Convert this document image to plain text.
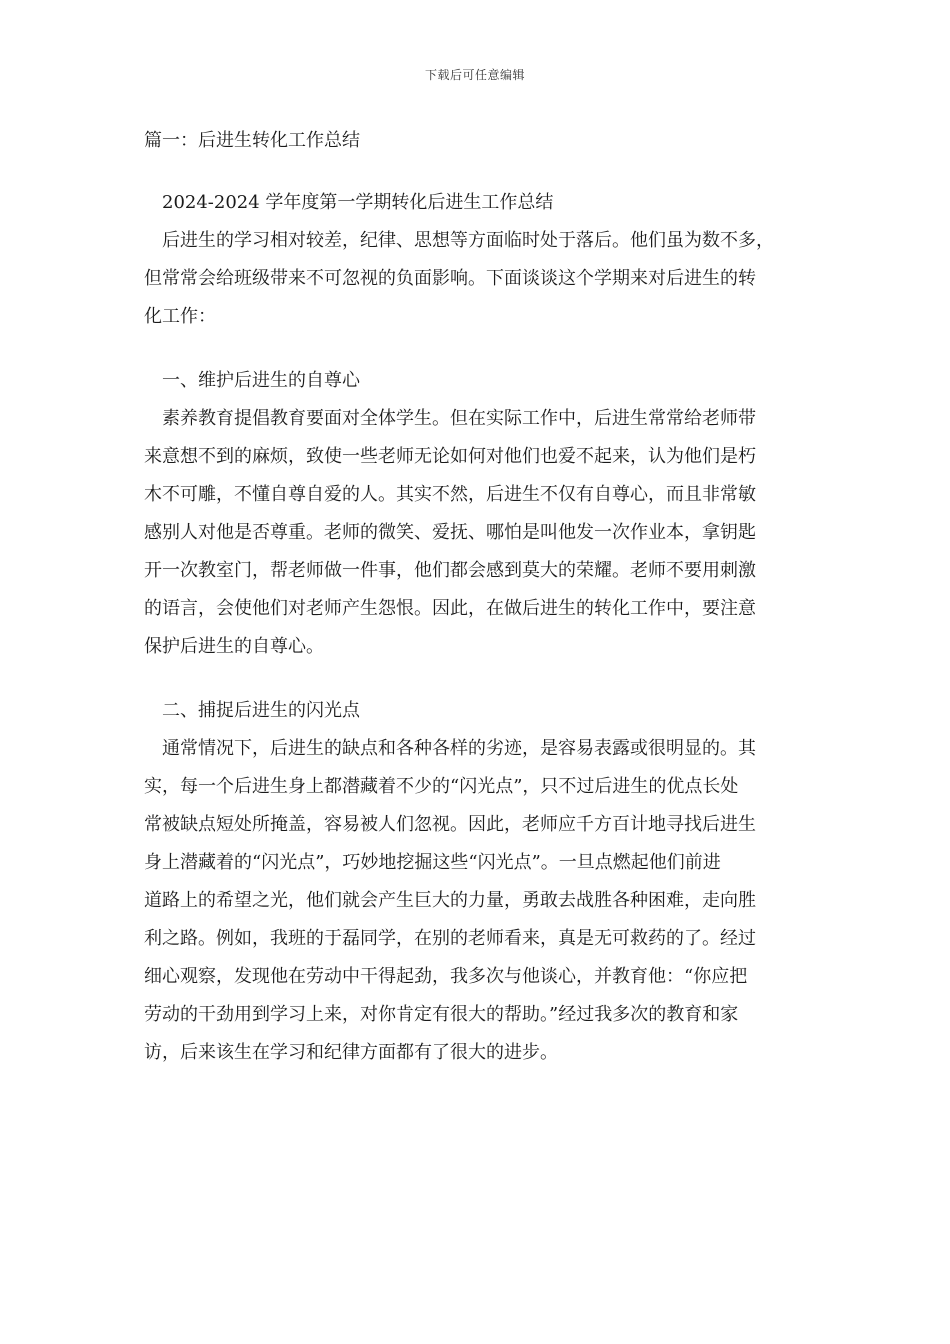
下载后可任意编辑

篇一：后进生转化工作总结

2024-2024 学年度第一学期转化后进生工作总结

后进生的学习相对较差，纪律、思想等方面临时处于落后。他们虽为数不多，
但常常会给班级带来不可忽视的负面影响。下面谈谈这个学期来对后进生的转
化工作：

一、维护后进生的自尊心

素养教育提倡教育要面对全体学生。但在实际工作中，后进生常常给老师带
来意想不到的麻烦，致使一些老师无论如何对他们也爱不起来，认为他们是朽
木不可雕，不懂自尊自爱的人。其实不然，后进生不仅有自尊心，而且非常敏
感别人对他是否尊重。老师的微笑、爱抚、哪怕是叫他发一次作业本，拿钥匙
开一次教室门，帮老师做一件事，他们都会感到莫大的荣耀。老师不要用刺激
的语言，会使他们对老师产生怨恨。因此，在做后进生的转化工作中，要注意
保护后进生的自尊心。

二、捕捉后进生的闪光点

通常情况下，后进生的缺点和各种各样的劣迹，是容易表露或很明显的。其
实，每一个后进生身上都潜藏着不少的“闪光点”，只不过后进生的优点长处
常被缺点短处所掩盖，容易被人们忽视。因此，老师应千方百计地寻找后进生
身上潜藏着的“闪光点”，巧妙地挖掘这些“闪光点”。一旦点燃起他们前进
道路上的希望之光，他们就会产生巨大的力量，勇敢去战胜各种困难，走向胜
利之路。例如，我班的于磊同学，在别的老师看来，真是无可救药的了。经过
细心观察，发现他在劳动中干得起劲，我多次与他谈心，并教育他：“你应把
劳动的干劲用到学习上来，对你肯定有很大的帮助。”经过我多次的教育和家
访，后来该生在学习和纪律方面都有了很大的进步。
